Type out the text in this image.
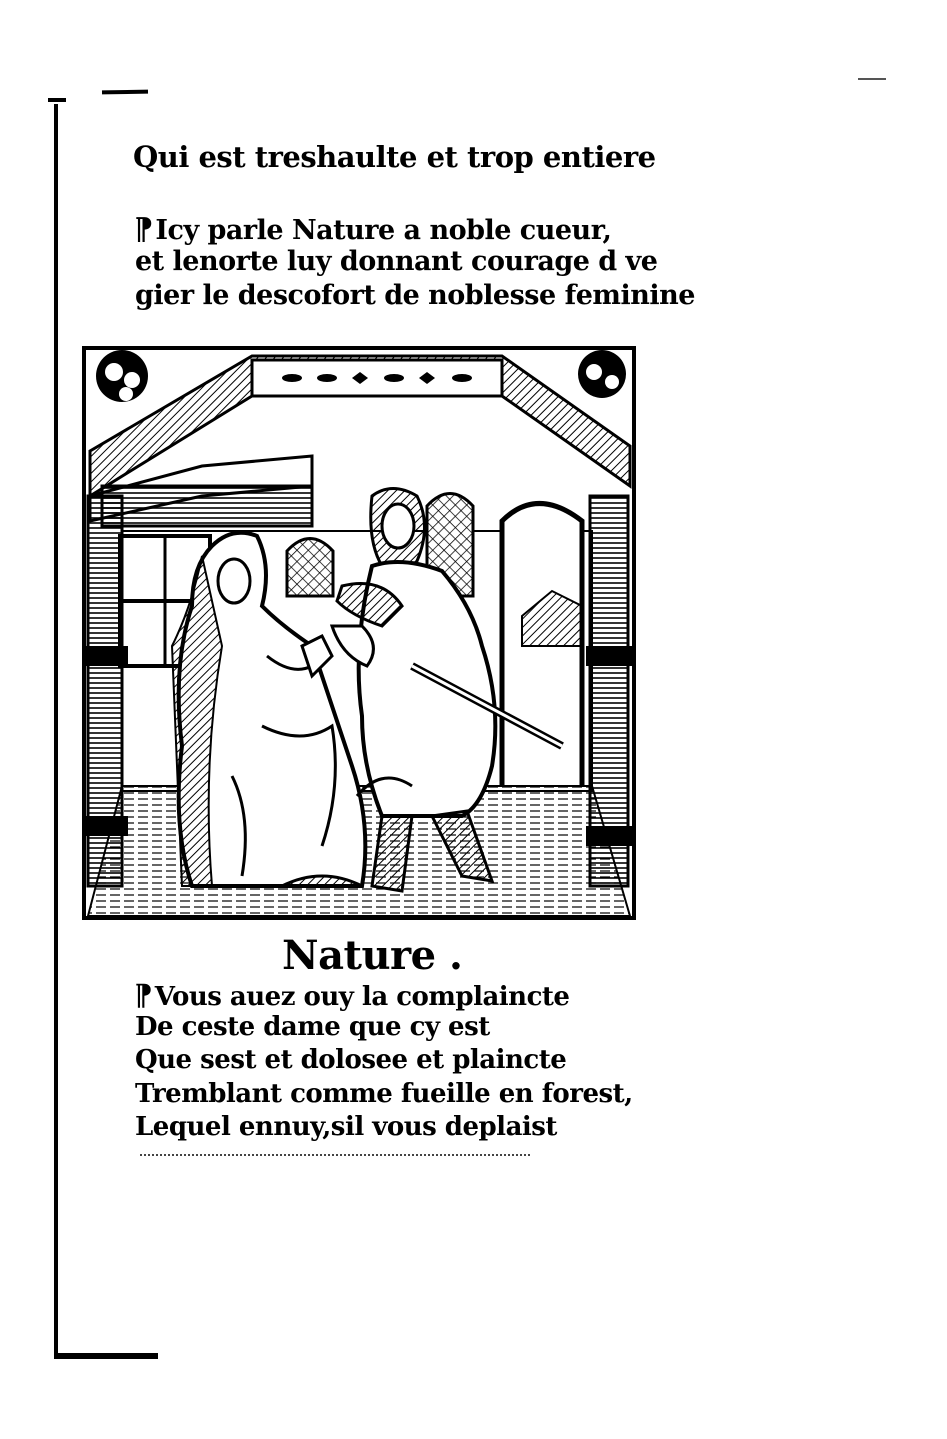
Qui est treshaulte et trop entiere
¶Icy parle Nature a noble cueur,
et lenorte luy donnant courage d ve
gier le descofort de noblesse feminine
Nature .
¶Vous auez ouy la complaincte
De ceste dame que cy est
Que sest et dolosee et plaincte
Tremblant comme fueille en forest,
Lequel ennuy,sil vous deplaist
